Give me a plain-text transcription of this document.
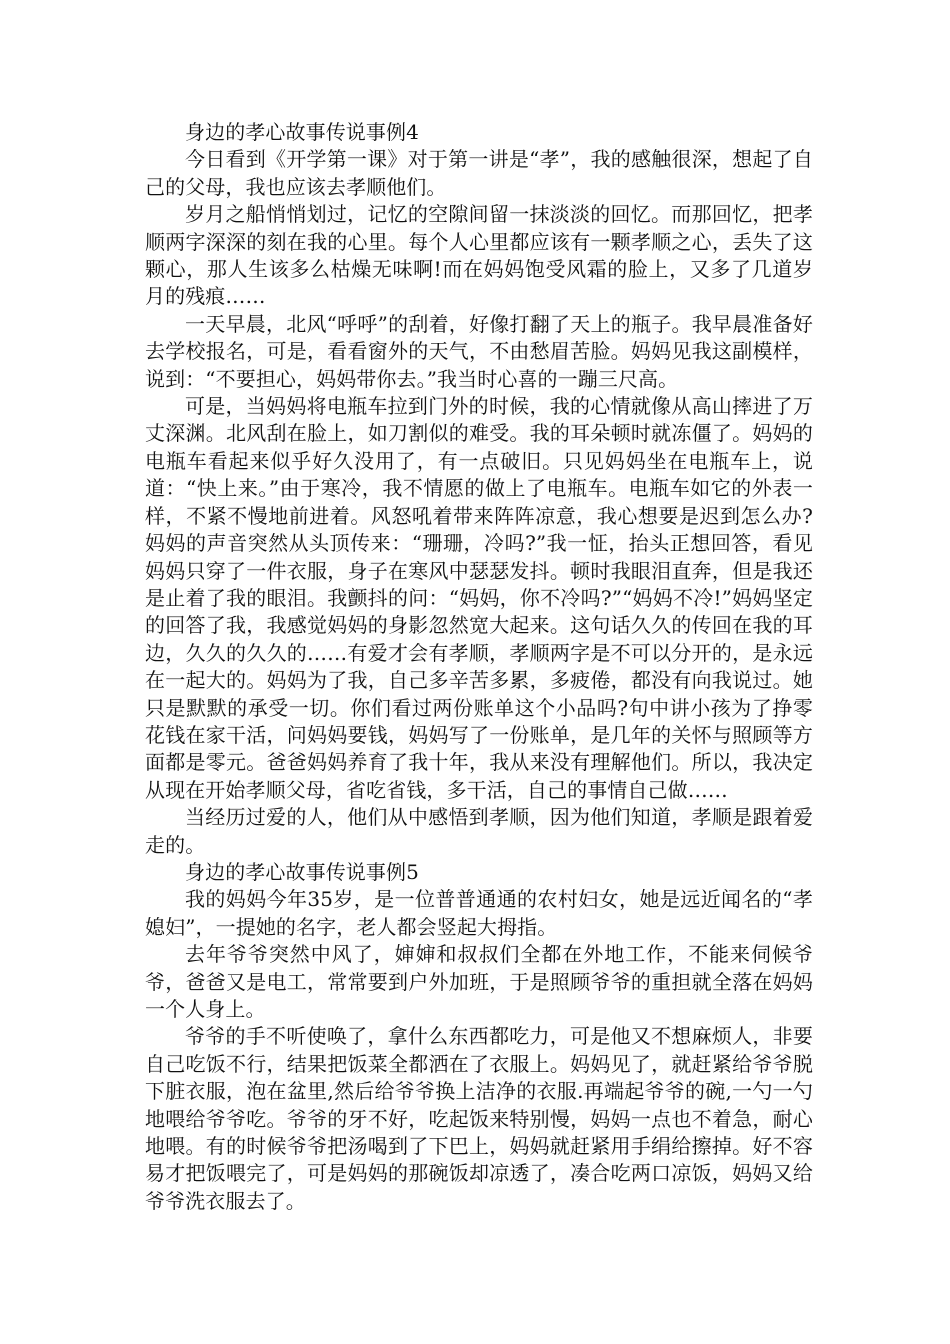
身边的孝心故事传说事例4

今日看到《开学第一课》对于第一讲是“孝”，我的感触很深，想起了自己的父母，我也应该去孝顺他们。

岁月之船悄悄划过，记忆的空隙间留一抹淡淡的回忆。而那回忆，把孝顺两字深深的刻在我的心里。每个人心里都应该有一颗孝顺之心，丢失了这颗心，那人生该多么枯燥无味啊!而在妈妈饱受风霜的脸上，又多了几道岁月的残痕……

一天早晨，北风“呼呼”的刮着，好像打翻了天上的瓶子。我早晨准备好去学校报名，可是，看看窗外的天气，不由愁眉苦脸。妈妈见我这副模样，说到：“不要担心，妈妈带你去。”我当时心喜的一蹦三尺高。

可是，当妈妈将电瓶车拉到门外的时候，我的心情就像从高山摔进了万丈深渊。北风刮在脸上，如刀割似的难受。我的耳朵顿时就冻僵了。妈妈的电瓶车看起来似乎好久没用了，有一点破旧。只见妈妈坐在电瓶车上，说道：“快上来。”由于寒冷，我不情愿的做上了电瓶车。电瓶车如它的外表一样，不紧不慢地前进着。风怒吼着带来阵阵凉意，我心想要是迟到怎么办?妈妈的声音突然从头顶传来：“珊珊，冷吗?”我一怔，抬头正想回答，看见妈妈只穿了一件衣服，身子在寒风中瑟瑟发抖。顿时我眼泪直奔，但是我还是止着了我的眼泪。我颤抖的问：“妈妈，你不冷吗?”“妈妈不冷!”妈妈坚定的回答了我，我感觉妈妈的身影忽然宽大起来。这句话久久的传回在我的耳边，久久的久久的……有爱才会有孝顺，孝顺两字是不可以分开的，是永远在一起大的。妈妈为了我，自己多辛苦多累，多疲倦，都没有向我说过。她只是默默的承受一切。你们看过两份账单这个小品吗?句中讲小孩为了挣零花钱在家干活，问妈妈要钱，妈妈写了一份账单，是几年的关怀与照顾等方面都是零元。爸爸妈妈养育了我十年，我从来没有理解他们。所以，我决定从现在开始孝顺父母，省吃省钱，多干活，自己的事情自己做……

当经历过爱的人，他们从中感悟到孝顺，因为他们知道，孝顺是跟着爱走的。

身边的孝心故事传说事例5

我的妈妈今年35岁，是一位普普通通的农村妇女，她是远近闻名的“孝媳妇”，一提她的名字，老人都会竖起大拇指。

去年爷爷突然中风了，婶婶和叔叔们全都在外地工作，不能来伺候爷爷，爸爸又是电工，常常要到户外加班，于是照顾爷爷的重担就全落在妈妈一个人身上。

爷爷的手不听使唤了，拿什么东西都吃力，可是他又不想麻烦人，非要自己吃饭不行，结果把饭菜全都洒在了衣服上。妈妈见了，就赶紧给爷爷脱下脏衣服，泡在盆里,然后给爷爷换上洁净的衣服.再端起爷爷的碗,一勺一勺地喂给爷爷吃。爷爷的牙不好，吃起饭来特别慢，妈妈一点也不着急，耐心地喂。有的时候爷爷把汤喝到了下巴上，妈妈就赶紧用手绢给擦掉。好不容易才把饭喂完了，可是妈妈的那碗饭却凉透了，凑合吃两口凉饭，妈妈又给爷爷洗衣服去了。
